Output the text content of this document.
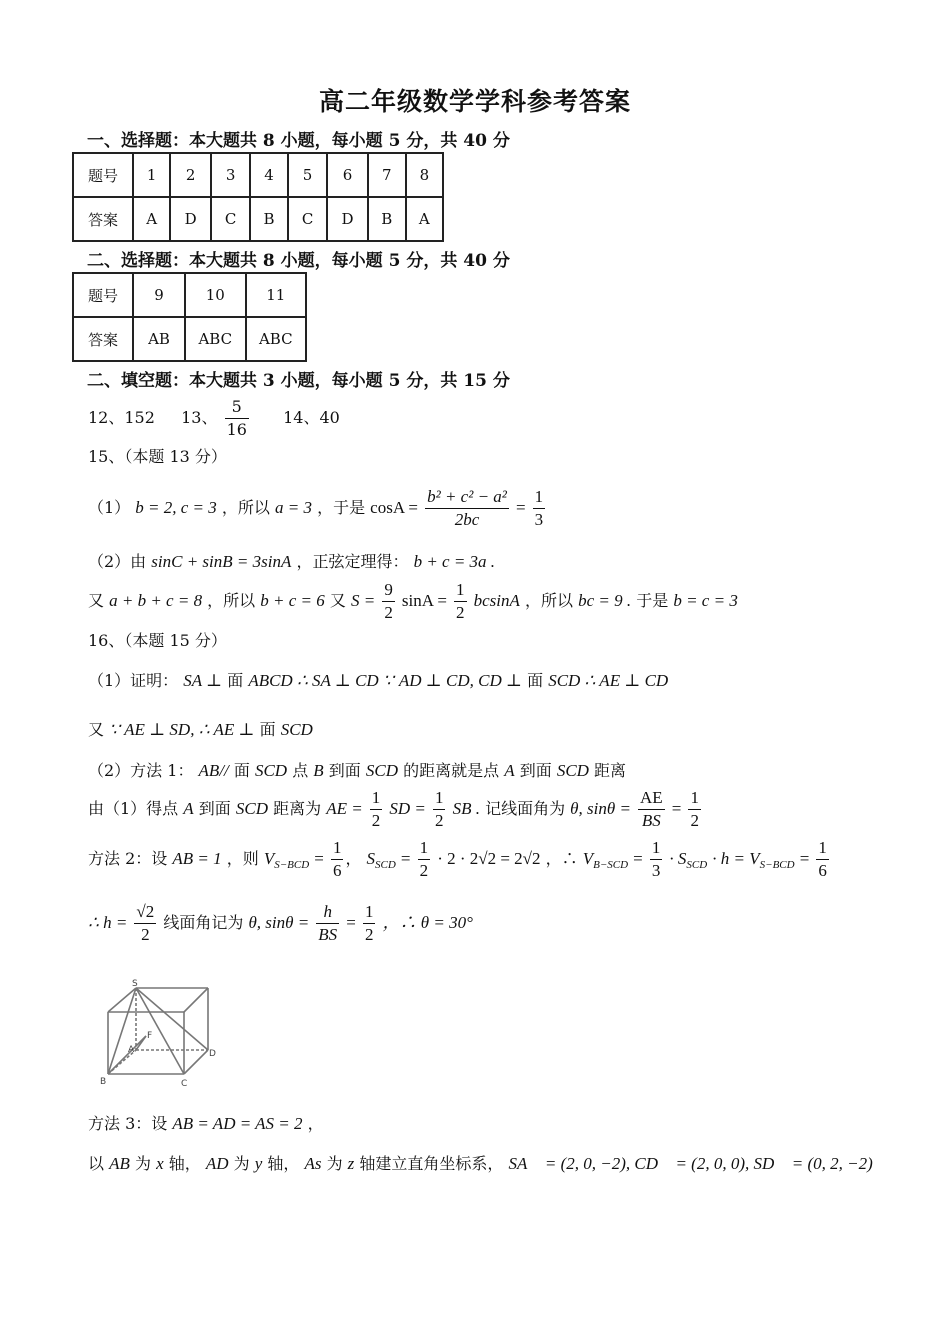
高二年级数学学科参考答案
一、选择题：本大题共 8 小题，每小题 5 分，共 40 分
题号	1	2	3	4	5	6	7	8
答案	A	D	C	B	C	D	B	A
二、选择题：本大题共 8 小题，每小题 5 分，共 40 分
题号	9	10	11
答案	AB	ABC	ABC
二、填空题：本大题共 3 小题，每小题 5 分，共 15 分
12、152 13、 $\frac{5}{16} 14$、40
15、（本题 13 分）
（1） b = 2, c = 3 ，所以 a = 3 ，于是 $\cos A = \frac{\text{b² + c² − a²}}{2bc} = \frac{1}{3}$
（2）由 sinC + sinB = 3sinA ，正弦定理得： b + c = 3a .
又 a + b + c = 8 ，所以 b + c = 6 又 $S = \frac{9}{2}$ $\sin A = \frac{1}{2}$ bcsinA ，所以 bc = 9 . 于是 b = c = 3
16、（本题 15 分）
（1）证明： SA ⊥ 面 ABCD ∴ SA ⊥ CD ∵ AD ⊥ CD, CD ⊥ 面 SCD ∴ AE ⊥ CD
又 ∵ AE ⊥ SD, ∴ AE ⊥ 面 SCD
（2）方法 1： AB// 面 SCD 点 B 到面 SCD 的距离就是点 A 到面 SCD 距离
由（1）得点 A 到面 SCD 距离为 AE = $\frac{1}{2}$ SD = $\frac{1}{2}$ SB . 记线面角为 θ, $\sin\theta = \frac{AE}{BS} = \frac{1}{2}$
方法 2：设 AB = 1 ，则 $V_{S-BCD} = \frac{1}{6}$ ， $S_{SCD} = \frac{1}{2} \cdot 2 \cdot 2√2 = 2√2$ ，∴ $V_{B-SCD} = \frac{1}{3} \cdot S_{SCD} \cdot h = V_{S-BCD} = \frac{1}{6}$
∴ $h = \frac{√2}{2}$ 线面角记为 θ, $\sin\theta = \frac{h}{BS} = \frac{1}{2}$ ，∴ θ = 30°
S
F
A	D
B	C
方法 3：设 AB = AD = AS = 2 ，
以 AB 为 x 轴， AD 为 y 轴， As 为 z 轴建立直角坐标系， SA⃗ = (2, 0, −2), CD⃗ = (2, 0, 0), SD⃗ = (0, 2, −2)
